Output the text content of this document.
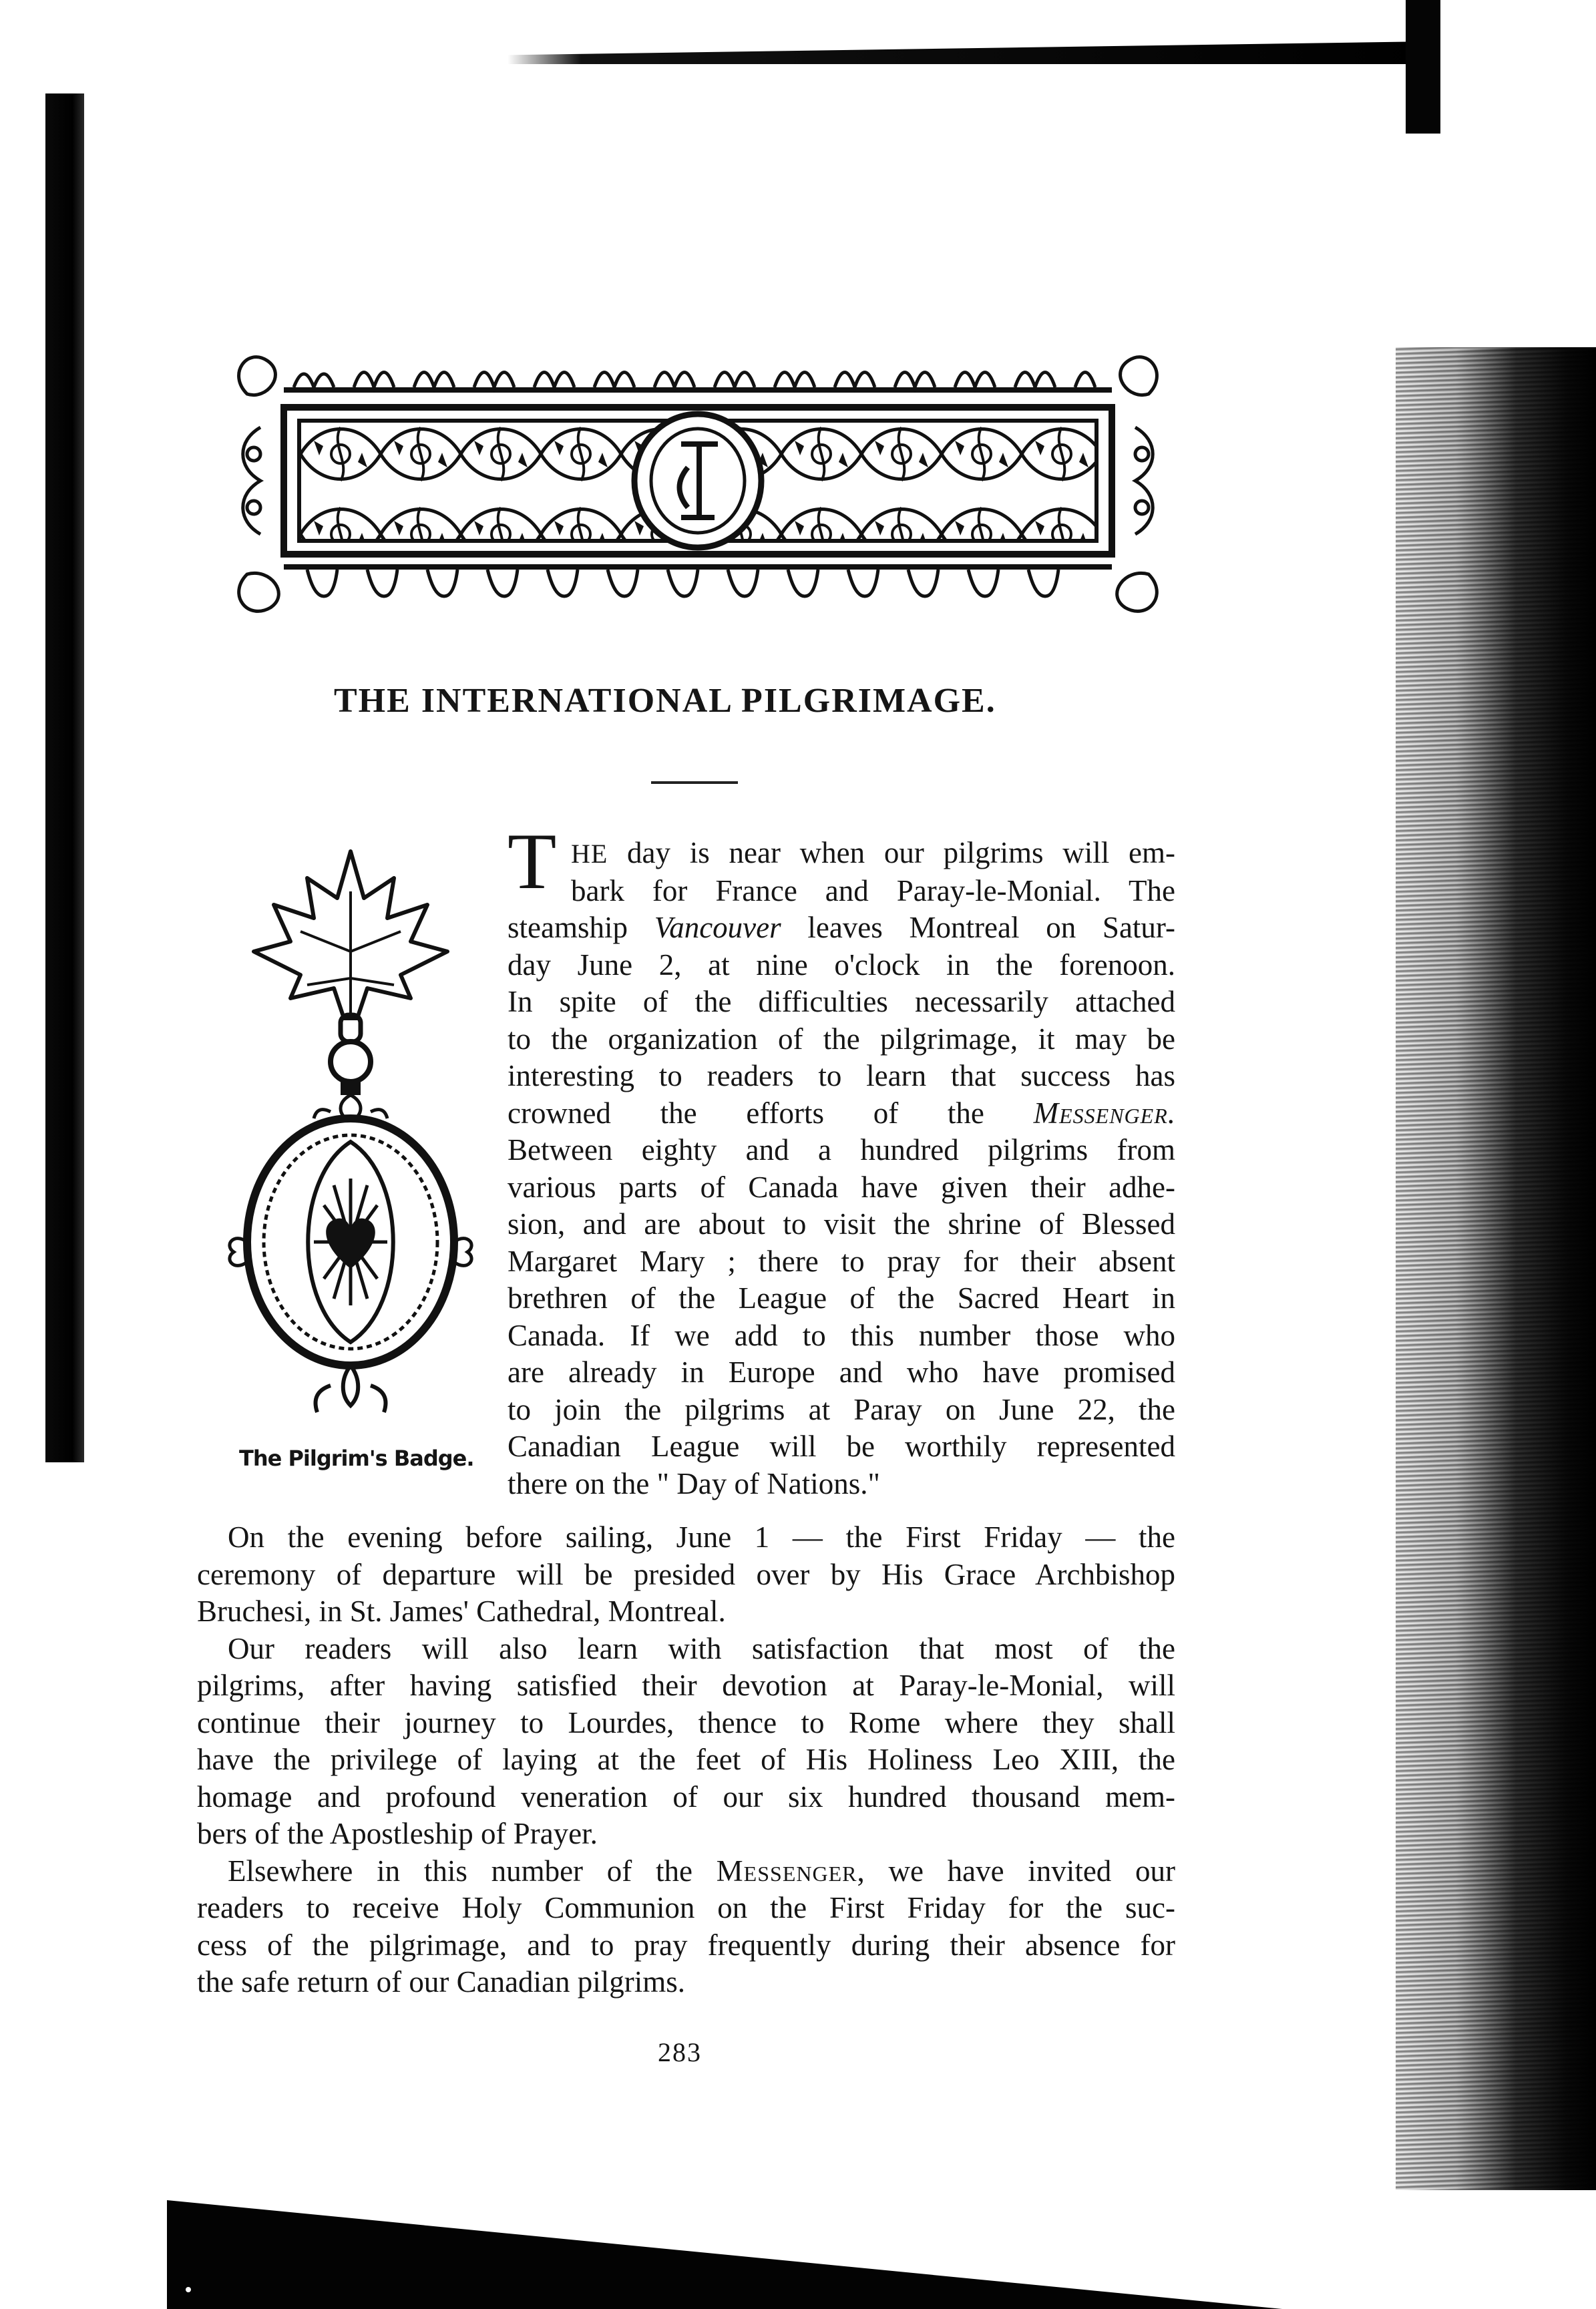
THE INTERNATIONAL PILGRIMAGE.
The Pilgrim's Badge.
T HE day is near when our pilgrims will em-
bark for France and Paray-le-Monial. The
steamship Vancouver leaves Montreal on Satur-
day June 2, at nine o'clock in the forenoon.
In spite of the difficulties necessarily attached
to the organization of the pilgrimage, it may be
interesting to readers to learn that success has
crowned the efforts of the Messenger.
Between eighty and a hundred pilgrims from
various parts of Canada have given their adhe-
sion, and are about to visit the shrine of Blessed
Margaret Mary ; there to pray for their absent
brethren of the League of the Sacred Heart in
Canada. If we add to this number those who
are already in Europe and who have promised
to join the pilgrims at Paray on June 22, the
Canadian League will be worthily represented
there on the " Day of Nations."
On the evening before sailing, June 1 — the First Friday — the
ceremony of departure will be presided over by His Grace Archbishop
Bruchesi, in St. James' Cathedral, Montreal.
Our readers will also learn with satisfaction that most of the
pilgrims, after having satisfied their devotion at Paray-le-Monial, will
continue their journey to Lourdes, thence to Rome where they shall
have the privilege of laying at the feet of His Holiness Leo XIII, the
homage and profound veneration of our six hundred thousand mem-
bers of the Apostleship of Prayer.
Elsewhere in this number of the Messenger, we have invited our
readers to receive Holy Communion on the First Friday for the suc-
cess of the pilgrimage, and to pray frequently during their absence for
the safe return of our Canadian pilgrims.
283
